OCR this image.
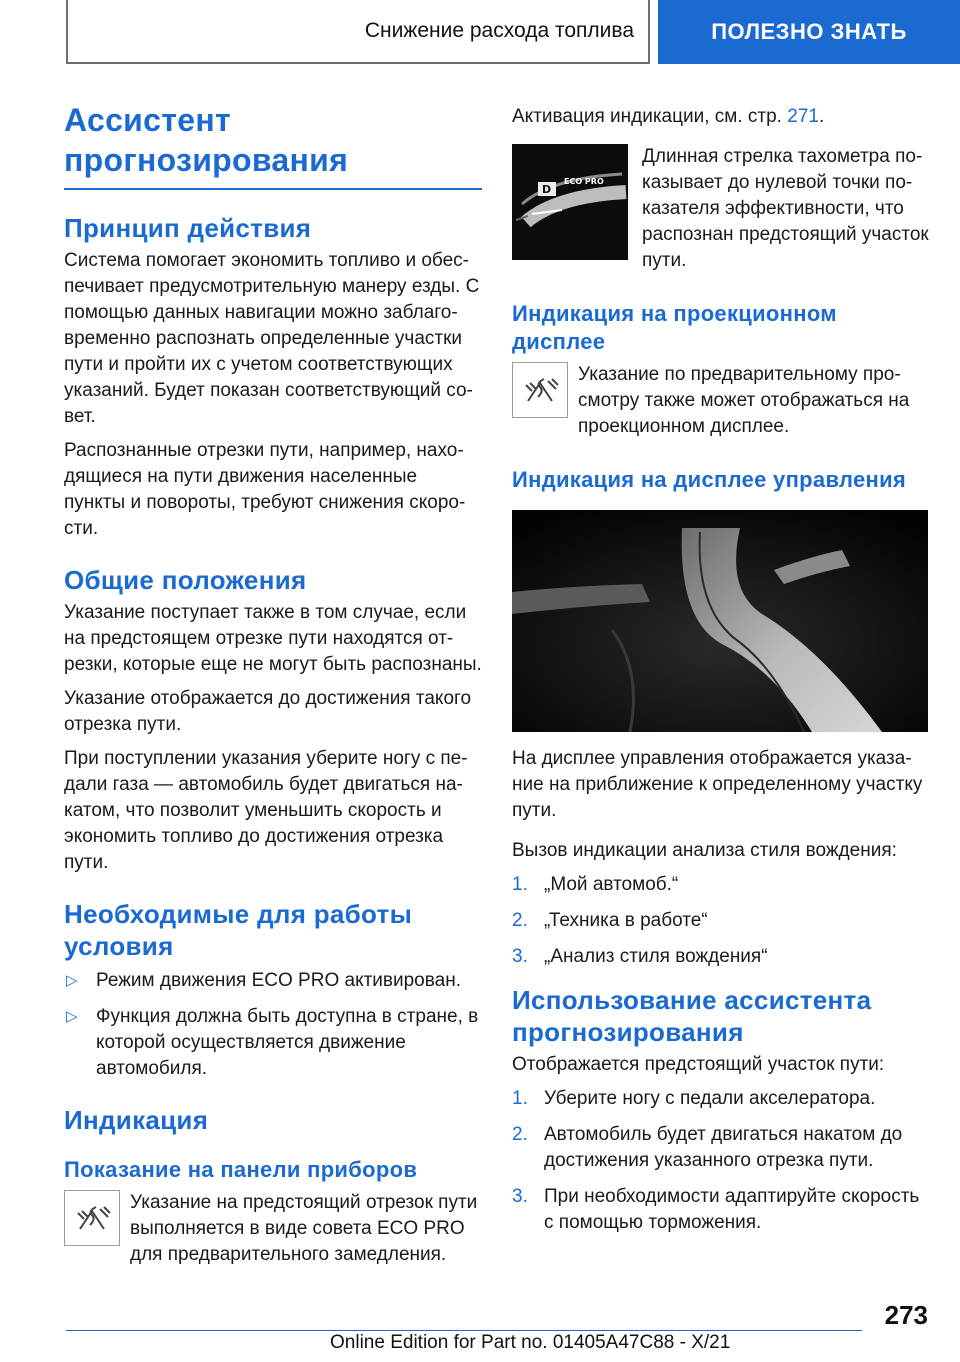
Снижение расхода топлива	ПОЛЕЗНО ЗНАТЬ
Ассистент прогнозирования
Принцип действия

Система помогает экономить топливо и обеспечивает предусмотрительную манеру езды. С помощью данных навигации можно заблаговременно распознать определенные участки пути и пройти их с учетом соответствующих указаний. Будет показан соответствующий совет.

Распознанные отрезки пути, например, находящиеся на пути движения населенные пункты и повороты, требуют снижения скорости.

Общие положения

Указание поступает также в том случае, если на предстоящем отрезке пути находятся отрезки, которые еще не могут быть распознаны.

Указание отображается до достижения такого отрезка пути.

При поступлении указания уберите ногу с педали газа — автомобиль будет двигаться накатом, что позволит уменьшить скорость и экономить топливо до достижения отрезка пути.

Необходимые для работы условия
▷ Режим движения ECO PRO активирован.
▷ Функция должна быть доступна в стране, в которой осуществляется движение автомобиля.
Индикация
Показание на панели приборов

Указание на предстоящий отрезок пути выполняется в виде совета ECO PRO для предварительного замедления.

Активация индикации, см. стр. 271.

D
ECO PRO

Длинная стрелка тахометра показывает до нулевой точки показателя эффективности, что распознан предстоящий участок пути.

Индикация на проекционном дисплее

Указание по предварительному просмотру также может отображаться на проекционном дисплее.

Индикация на дисплее управления

На дисплее управления отображается указание на приближение к определенному участку пути.

Вызов индикации анализа стиля вождения:

1. „Мой автомоб.“
2. „Техника в работе“
3. „Анализ стиля вождения“
Использование ассистента прогнозирования

Отображается предстоящий участок пути:

1. Уберите ногу с педали акселератора.
2. Автомобиль будет двигаться накатом до достижения указанного отрезка пути.
3. При необходимости адаптируйте скорость с помощью торможения.
273
Online Edition for Part no. 01405A47C88 - X/21
